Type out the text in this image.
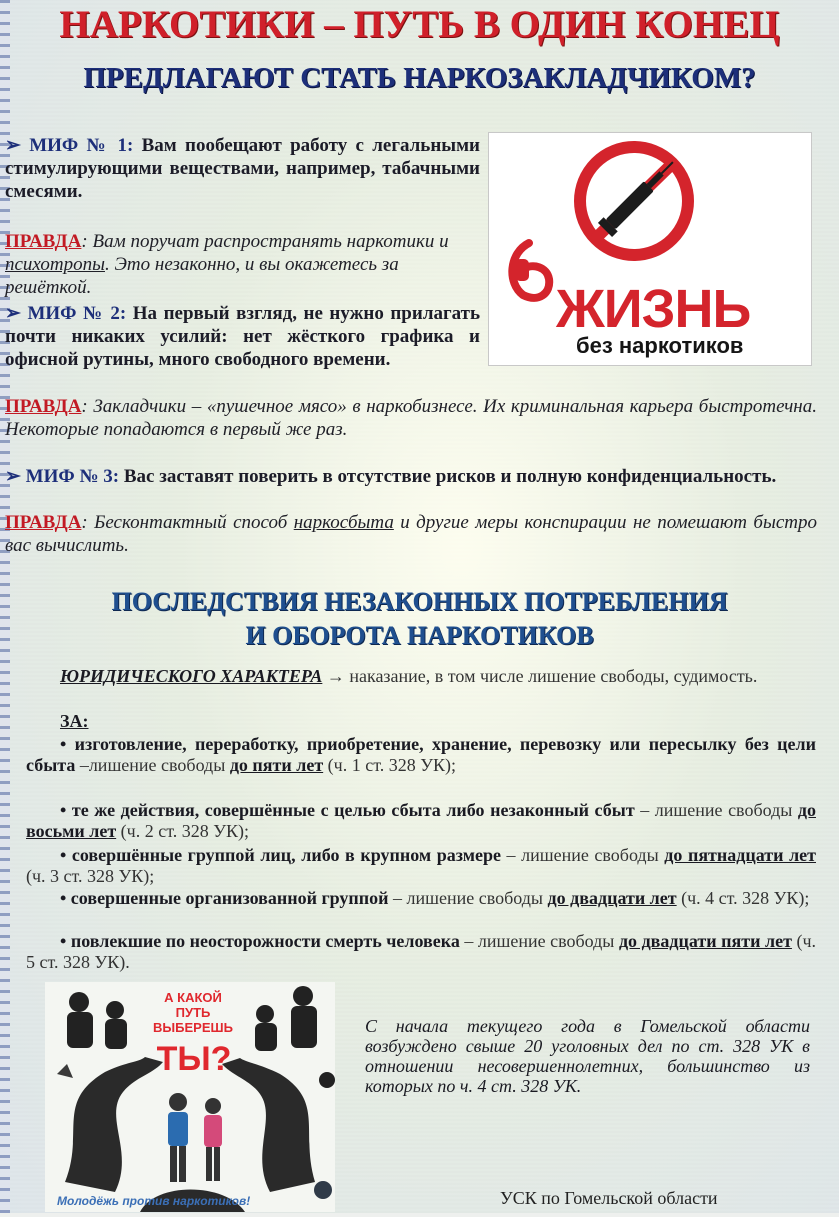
НАРКОТИКИ – ПУТЬ В ОДИН КОНЕЦ
ПРЕДЛАГАЮТ СТАТЬ НАРКОЗАКЛАДЧИКОМ?
➢ МИФ № 1: Вам пообещают работу с легальными стимулирующими веществами, например, табачными смесями.
ПРАВДА: Вам поручат распространять наркотики и психотропы. Это незаконно, и вы окажетесь за решёткой.
➢ МИФ № 2: На первый взгляд, не нужно прилагать почти никаких усилий: нет жёсткого графика и офисной рутины, много свободного времени.
ПРАВДА: Закладчики – «пушечное мясо» в наркобизнесе. Их криминальная карьера быстротечна. Некоторые попадаются в первый же раз.
➢ МИФ № 3: Вас заставят поверить в отсутствие рисков и полную конфиденциальность.
ПРАВДА: Бесконтактный способ наркосбыта и другие меры конспирации не помешают быстро вас вычислить.
ЖИЗНЬ
без наркотиков
ПОСЛЕДСТВИЯ НЕЗАКОННЫХ ПОТРЕБЛЕНИЯ
И ОБОРОТА НАРКОТИКОВ
ЮРИДИЧЕСКОГО ХАРАКТЕРА → наказание, в том числе лишение свободы, судимость.
ЗА:
• изготовление, переработку, приобретение, хранение, перевозку или пересылку без цели сбыта –лишение свободы до пяти лет (ч. 1 ст. 328 УК);
• те же действия, совершённые с целью сбыта либо незаконный сбыт – лишение свободы до восьми лет (ч. 2 ст. 328 УК);
• совершённые группой лиц, либо в крупном размере – лишение свободы до пятнадцати лет (ч. 3 ст. 328 УК);
• совершенные организованной группой – лишение свободы до двадцати лет (ч. 4 ст. 328 УК);
• повлекшие по неосторожности смерть человека – лишение свободы до двадцати пяти лет (ч. 5 ст. 328 УК).
А КАКОЙ
ПУТЬ
ВЫБЕРЕШЬ
ТЫ?
Молодёжь против наркотиков!
С начала текущего года в Гомельской области возбуждено свыше 20 уголовных дел по ст. 328 УК в отношении несовершеннолетних, большинство из которых по ч. 4 ст. 328 УК.
УСК по Гомельской области
